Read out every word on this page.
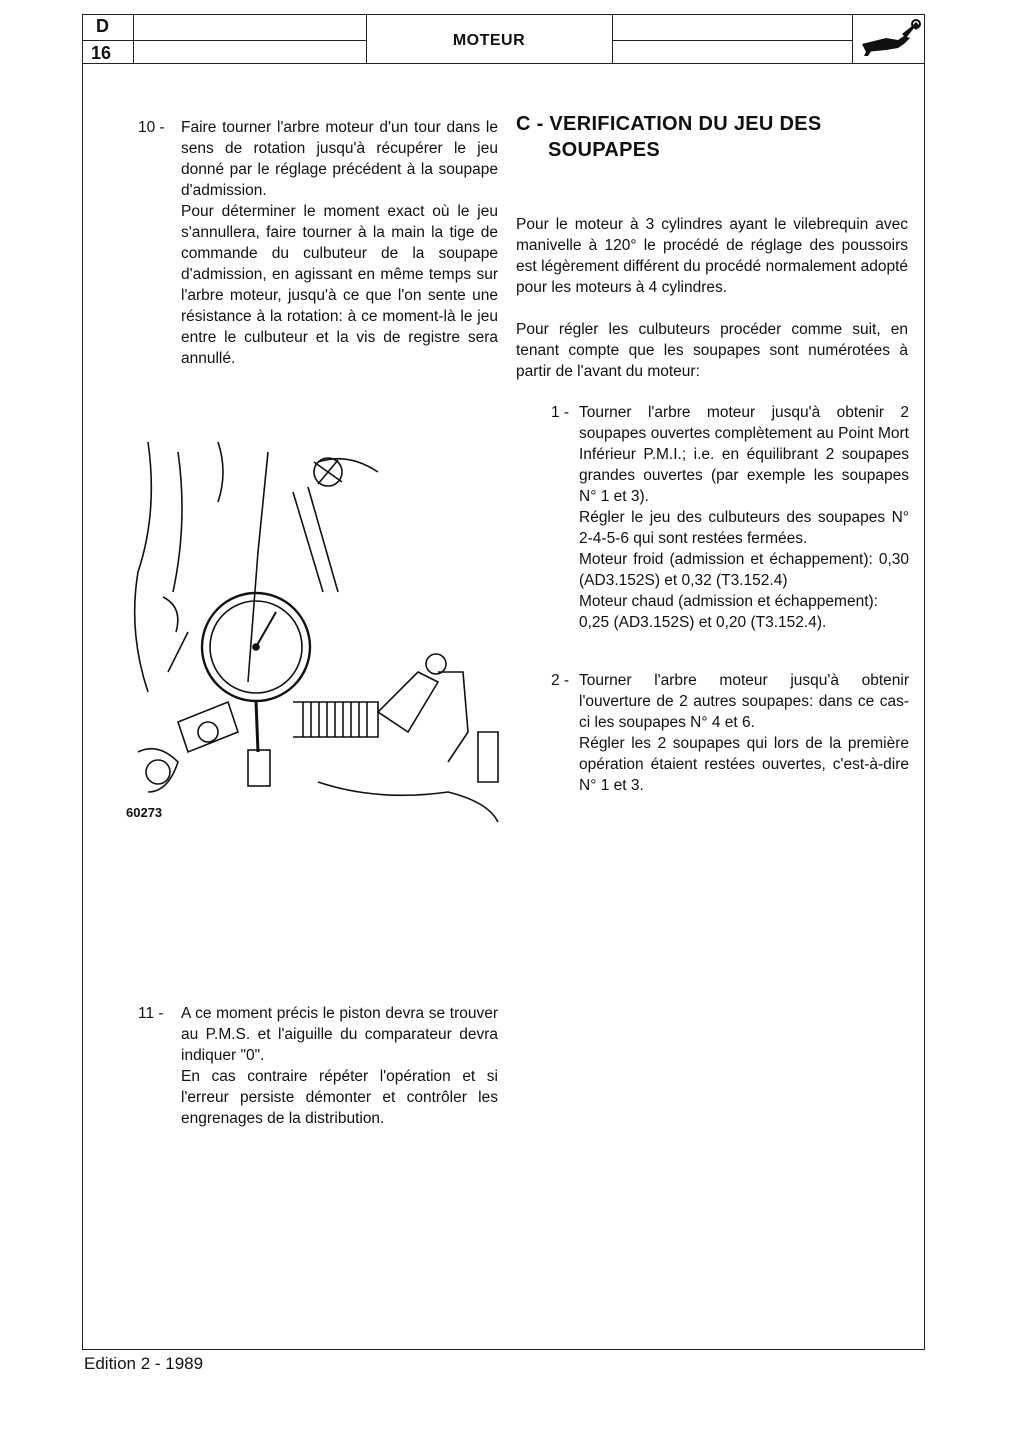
D
16
MOTEUR
10 -	Faire tourner l'arbre moteur d'un tour dans le sens de rotation jusqu'à récupérer le jeu donné par le réglage précédent à la soupape d'admission.
Pour déterminer le moment exact où le jeu s'annullera, faire tourner à la main la tige de commande du culbuteur de la soupape d'admission, en agissant en même temps sur l'arbre moteur, jusqu'à ce que l'on sente une résistance à la rotation: à ce moment-là le jeu entre le culbuteur et la vis de registre sera annullé.
60273
11 -	A ce moment précis le piston devra se trouver au P.M.S. et l'aiguille du comparateur devra indiquer "0".
En cas contraire répéter l'opération et si l'erreur persiste démonter et contrôler les engrenages de la distribution.
C - VERIFICATION DU JEU DES
SOUPAPES
Pour le moteur à 3 cylindres ayant le vilebrequin avec manivelle à 120° le procédé de réglage des poussoirs est légèrement différent du procédé normalement adopté pour les moteurs à 4 cylindres.
Pour régler les culbuteurs procéder comme suit, en tenant compte que les soupapes sont numérotées à partir de l'avant du moteur:
1 - Tourner l'arbre moteur jusqu'à obtenir 2 soupapes ouvertes complètement au Point Mort Inférieur P.M.I.; i.e. en équilibrant 2 soupapes grandes ouvertes (par exemple les soupapes N° 1 et 3).
Régler le jeu des culbuteurs des soupapes N° 2-4-5-6 qui sont restées fermées.
Moteur froid (admission et échappement): 0,30 (AD3.152S) et 0,32 (T3.152.4)
Moteur chaud (admission et échappement):
0,25 (AD3.152S) et 0,20 (T3.152.4).
2 - Tourner l'arbre moteur jusqu'à obtenir l'ouverture de 2 autres soupapes: dans ce cas-ci les soupapes N° 4 et 6.
Régler les 2 soupapes qui lors de la première opération étaient restées ouvertes, c'est-à-dire N° 1 et 3.
Edition 2 - 1989
